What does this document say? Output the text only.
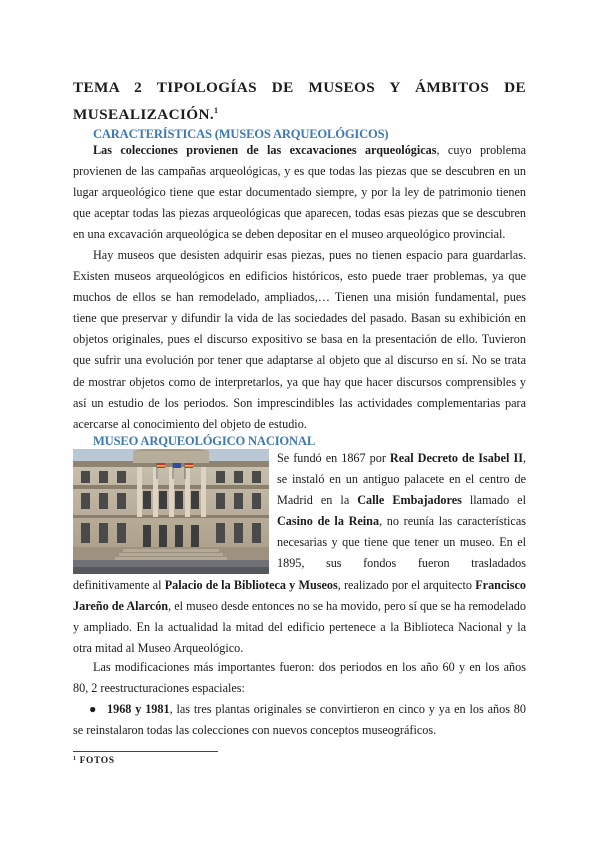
TEMA 2 TIPOLOGÍAS DE MUSEOS Y ÁMBITOS DE
MUSEALIZACIÓN.$^1$
CARACTERÍSTICAS (MUSEOS ARQUEOLÓGICOS)

Las colecciones provienen de las excavaciones arqueológicas, cuyo problema provienen de las campañas arqueológicas, y es que todas las piezas que se descubren en un lugar arqueológico tiene que estar documentado siempre, y por la ley de patrimonio tienen que aceptar todas las piezas arqueológicas que aparecen, todas esas piezas que se descubren en una excavación arqueológica se deben depositar en el museo arqueológico provincial.

Hay museos que desisten adquirir esas piezas, pues no tienen espacio para guardarlas. Existen museos arqueológicos en edificios históricos, esto puede traer problemas, ya que muchos de ellos se han remodelado, ampliados,… Tienen una misión fundamental, pues tiene que preservar y difundir la vida de las sociedades del pasado. Basan su exhibición en objetos originales, pues el discurso expositivo se basa en la presentación de ello. Tuvieron que sufrir una evolución por tener que adaptarse al objeto que al discurso en sí. No se trata de mostrar objetos como de interpretarlos, ya que hay que hacer discursos comprensibles y así un estudio de los periodos. Son imprescindibles las actividades complementarias para acercarse al conocimiento del objeto de estudio.

MUSEO ARQUEOLÓGICO NACIONAL
Se fundó en 1867 por Real Decreto de Isabel II, se instaló en un antiguo palacete en el centro de Madrid en la Calle Embajadores llamado el Casino de la Reina, no reunía las características necesarias y que tiene que tener un museo. En el 1895, sus fondos fueron trasladados definitivamente al Palacio de la Biblioteca y Museos, realizado por el arquitecto Francisco Jareño de Alarcón, el museo desde entonces no se ha movido, pero sí que se ha remodelado y ampliado. En la actualidad la mitad del edificio pertenece a la Biblioteca Nacional y la otra mitad al Museo Arqueológico.

Las modificaciones más importantes fueron: dos periodos en los año 60 y en los años 80, 2 reestructuraciones espaciales:

● 1968 y 1981, las tres plantas originales se convirtieron en cinco y ya en los años 80 se reinstalaron todas las colecciones con nuevos conceptos museográficos.

$^1$ FOTOS
